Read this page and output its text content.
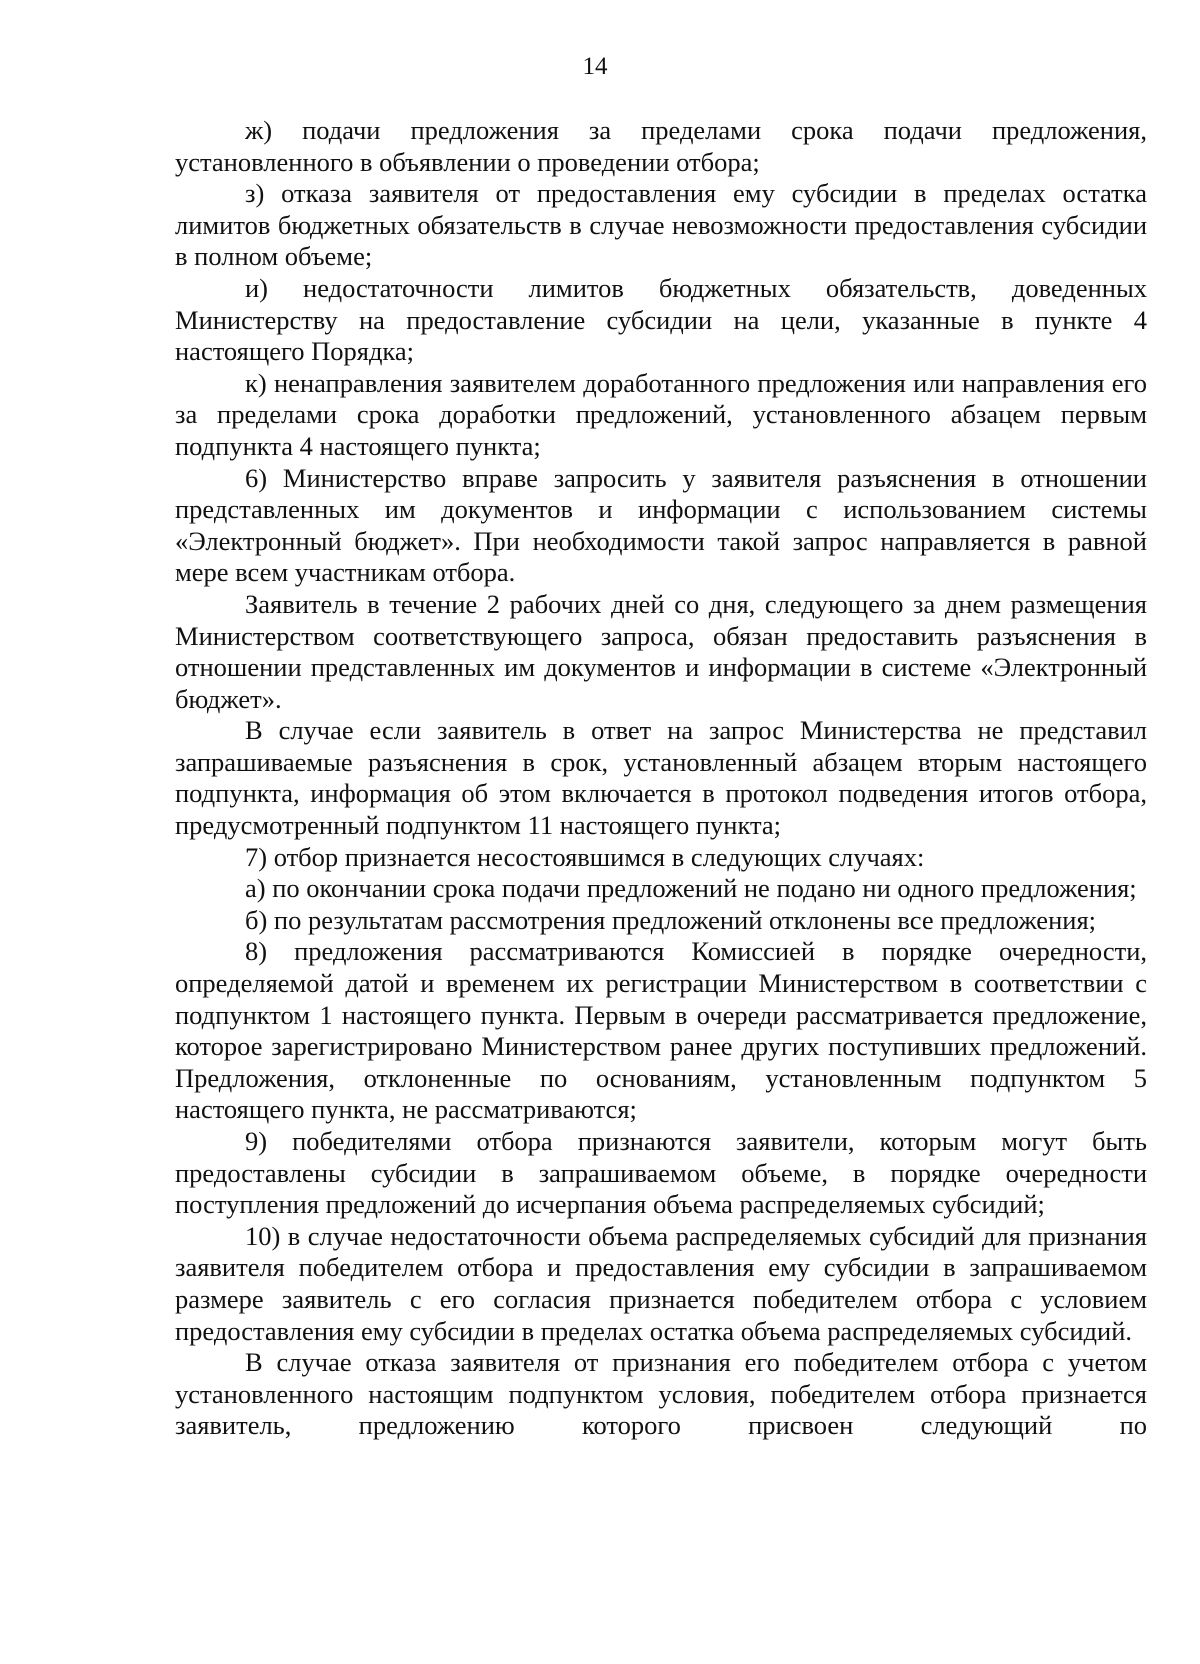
14

ж) подачи предложения за пределами срока подачи предложения, установленного в объявлении о проведении отбора;

з) отказа заявителя от предоставления ему субсидии в пределах остатка лимитов бюджетных обязательств в случае невозможности предоставления субсидии в полном объеме;

и) недостаточности лимитов бюджетных обязательств, доведенных Министерству на предоставление субсидии на цели, указанные в пункте 4 настоящего Порядка;

к) ненаправления заявителем доработанного предложения или направления его за пределами срока доработки предложений, установленного абзацем первым подпункта 4 настоящего пункта;

6) Министерство вправе запросить у заявителя разъяснения в отношении представленных им документов и информации с использованием системы «Электронный бюджет». При необходимости такой запрос направляется в равной мере всем участникам отбора.

Заявитель в течение 2 рабочих дней со дня, следующего за днем размещения Министерством соответствующего запроса, обязан предоставить разъяснения в отношении представленных им документов и информации в системе «Электронный бюджет».

В случае если заявитель в ответ на запрос Министерства не представил запрашиваемые разъяснения в срок, установленный абзацем вторым настоящего подпункта, информация об этом включается в протокол подведения итогов отбора, предусмотренный подпунктом 11 настоящего пункта;

7) отбор признается несостоявшимся в следующих случаях:

а) по окончании срока подачи предложений не подано ни одного предложения;

б) по результатам рассмотрения предложений отклонены все предложения;

8) предложения рассматриваются Комиссией в порядке очередности, определяемой датой и временем их регистрации Министерством в соответствии с подпунктом 1 настоящего пункта. Первым в очереди рассматривается предложение, которое зарегистрировано Министерством ранее других поступивших предложений. Предложения, отклоненные по основаниям, установленным подпунктом 5 настоящего пункта, не рассматриваются;

9) победителями отбора признаются заявители, которым могут быть предоставлены субсидии в запрашиваемом объеме, в порядке очередности поступления предложений до исчерпания объема распределяемых субсидий;

10) в случае недостаточности объема распределяемых субсидий для признания заявителя победителем отбора и предоставления ему субсидии в запрашиваемом размере заявитель с его согласия признается победителем отбора с условием предоставления ему субсидии в пределах остатка объема распределяемых субсидий.

В случае отказа заявителя от признания его победителем отбора с учетом установленного настоящим подпунктом условия, победителем отбора признается заявитель, предложению которого присвоен следующий по
